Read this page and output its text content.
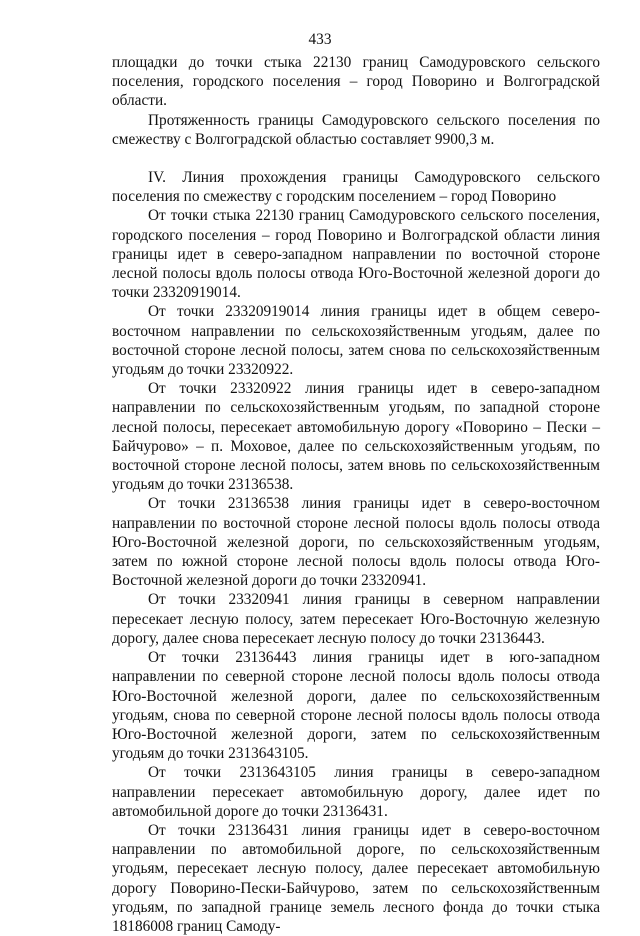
433

площадки до точки стыка 22130 границ Самодуровского сельского поселения, городского поселения – город Поворино и Волгоградской области.

Протяженность границы Самодуровского сельского поселения по смежеству с Волгоградской областью составляет 9900,3 м.

IV. Линия прохождения границы Самодуровского сельского поселения по смежеству с городским поселением – город Поворино

От точки стыка 22130 границ Самодуровского сельского поселения, городского поселения – город Поворино и Волгоградской области линия границы идет в северо-западном направлении по восточной стороне лесной полосы вдоль полосы отвода Юго-Восточной железной дороги до точки 23320919014.

От точки 23320919014 линия границы идет в общем северо-восточном направлении по сельскохозяйственным угодьям, далее по восточной стороне лесной полосы, затем снова по сельскохозяйственным угодьям до точки 23320922.

От точки 23320922 линия границы идет в северо-западном направлении по сельскохозяйственным угодьям, по западной стороне лесной полосы, пересекает автомобильную дорогу «Поворино – Пески – Байчурово» – п. Моховое, далее по сельскохозяйственным угодьям, по восточной стороне лесной полосы, затем вновь по сельскохозяйственным угодьям до точки 23136538.

От точки 23136538 линия границы идет в северо-восточном направлении по восточной стороне лесной полосы вдоль полосы отвода Юго-Восточной железной дороги, по сельскохозяйственным угодьям, затем по южной стороне лесной полосы вдоль полосы отвода Юго-Восточной железной дороги до точки 23320941.

От точки 23320941 линия границы в северном направлении пересекает лесную полосу, затем пересекает Юго-Восточную железную дорогу, далее снова пересекает лесную полосу до точки 23136443.

От точки 23136443 линия границы идет в юго-западном направлении по северной стороне лесной полосы вдоль полосы отвода Юго-Восточной железной дороги, далее по сельскохозяйственным угодьям, снова по северной стороне лесной полосы вдоль полосы отвода Юго-Восточной железной дороги, затем по сельскохозяйственным угодьям до точки 2313643105.

От точки 2313643105 линия границы в северо-западном направлении пересекает автомобильную дорогу, далее идет по автомобильной дороге до точки 23136431.

От точки 23136431 линия границы идет в северо-восточном направлении по автомобильной дороге, по сельскохозяйственным угодьям, пересекает лесную полосу, далее пересекает автомобильную дорогу Поворино-Пески-Байчурово, затем по сельскохозяйственным угодьям, по западной границе земель лесного фонда до точки стыка 18186008 границ Самоду-
